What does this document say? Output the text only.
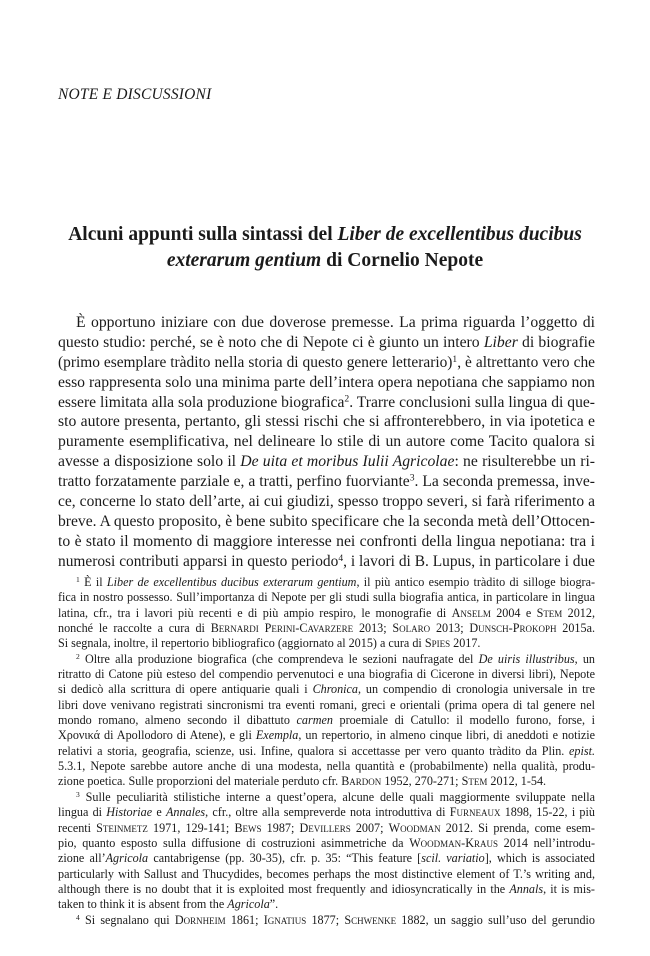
NOTE E DISCUSSIONI
Alcuni appunti sulla sintassi del Liber de excellentibus ducibus
exterarum gentium di Cornelio Nepote
È opportuno iniziare con due doverose premesse. La prima riguarda l’oggetto di
questo studio: perché, se è noto che di Nepote ci è giunto un intero Liber di biografie
(primo esemplare tràdito nella storia di questo genere letterario)$^1$, è altrettanto vero che
esso rappresenta solo una minima parte dell’intera opera nepotiana che sappiamo non
essere limitata alla sola produzione biografica$^2$. Trarre conclusioni sulla lingua di que-
sto autore presenta, pertanto, gli stessi rischi che si affronterebbero, in via ipotetica e
puramente esemplificativa, nel delineare lo stile di un autore come Tacito qualora si
avesse a disposizione solo il De uita et moribus Iulii Agricolae: ne risulterebbe un ri-
tratto forzatamente parziale e, a tratti, perfino fuorviante$^3$. La seconda premessa, inve-
ce, concerne lo stato dell’arte, ai cui giudizi, spesso troppo severi, si farà riferimento a
breve. A questo proposito, è bene subito specificare che la seconda metà dell’Ottocen-
to è stato il momento di maggiore interesse nei confronti della lingua nepotiana: tra i
numerosi contributi apparsi in questo periodo$^4$, i lavori di B. Lupus, in particolare i due
$^1$ È il Liber de excellentibus ducibus exterarum gentium, il più antico esempio tràdito di silloge biogra-
fica in nostro possesso. Sull’importanza di Nepote per gli studi sulla biografia antica, in particolare in lingua
latina, cfr., tra i lavori più recenti e di più ampio respiro, le monografie di Anselm 2004 e Stem 2012,
nonché le raccolte a cura di Bernardi Perini-Cavarzere 2013; Solaro 2013; Dunsch-Prokoph 2015a.
Si segnala, inoltre, il repertorio bibliografico (aggiornato al 2015) a cura di Spies 2017.
$^2$ Oltre alla produzione biografica (che comprendeva le sezioni naufragate del De uiris illustribus, un
ritratto di Catone più esteso del compendio pervenutoci e una biografia di Cicerone in diversi libri), Nepote
si dedicò alla scrittura di opere antiquarie quali i Chronica, un compendio di cronologia universale in tre
libri dove venivano registrati sincronismi tra eventi romani, greci e orientali (prima opera di tal genere nel
mondo romano, almeno secondo il dibattuto carmen proemiale di Catullo: il modello furono, forse, i
Χρονικά di Apollodoro di Atene), e gli Exempla, un repertorio, in almeno cinque libri, di aneddoti e notizie
relativi a storia, geografia, scienze, usi. Infine, qualora si accettasse per vero quanto tràdito da Plin. epist.
5.3.1, Nepote sarebbe autore anche di una modesta, nella quantità e (probabilmente) nella qualità, produ-
zione poetica. Sulle proporzioni del materiale perduto cfr. Bardon 1952, 270-271; Stem 2012, 1-54.
$^3$ Sulle peculiarità stilistiche interne a quest’opera, alcune delle quali maggiormente sviluppate nella
lingua di Historiae e Annales, cfr., oltre alla sempreverde nota introduttiva di Furneaux 1898, 15-22, i più
recenti Steinmetz 1971, 129-141; Bews 1987; Devillers 2007; Woodman 2012. Si prenda, come esem-
pio, quanto esposto sulla diffusione di costruzioni asimmetriche da Woodman-Kraus 2014 nell’introdu-
zione all’Agricola cantabrigense (pp. 30-35), cfr. p. 35: “This feature [scil. variatio], which is associated
particularly with Sallust and Thucydides, becomes perhaps the most distinctive element of T.’s writing and,
although there is no doubt that it is exploited most frequently and idiosyncratically in the Annals, it is mis-
taken to think it is absent from the Agricola”.
$^4$ Si segnalano qui Dornheim 1861; Ignatius 1877; Schwenke 1882, un saggio sull’uso del gerundio
